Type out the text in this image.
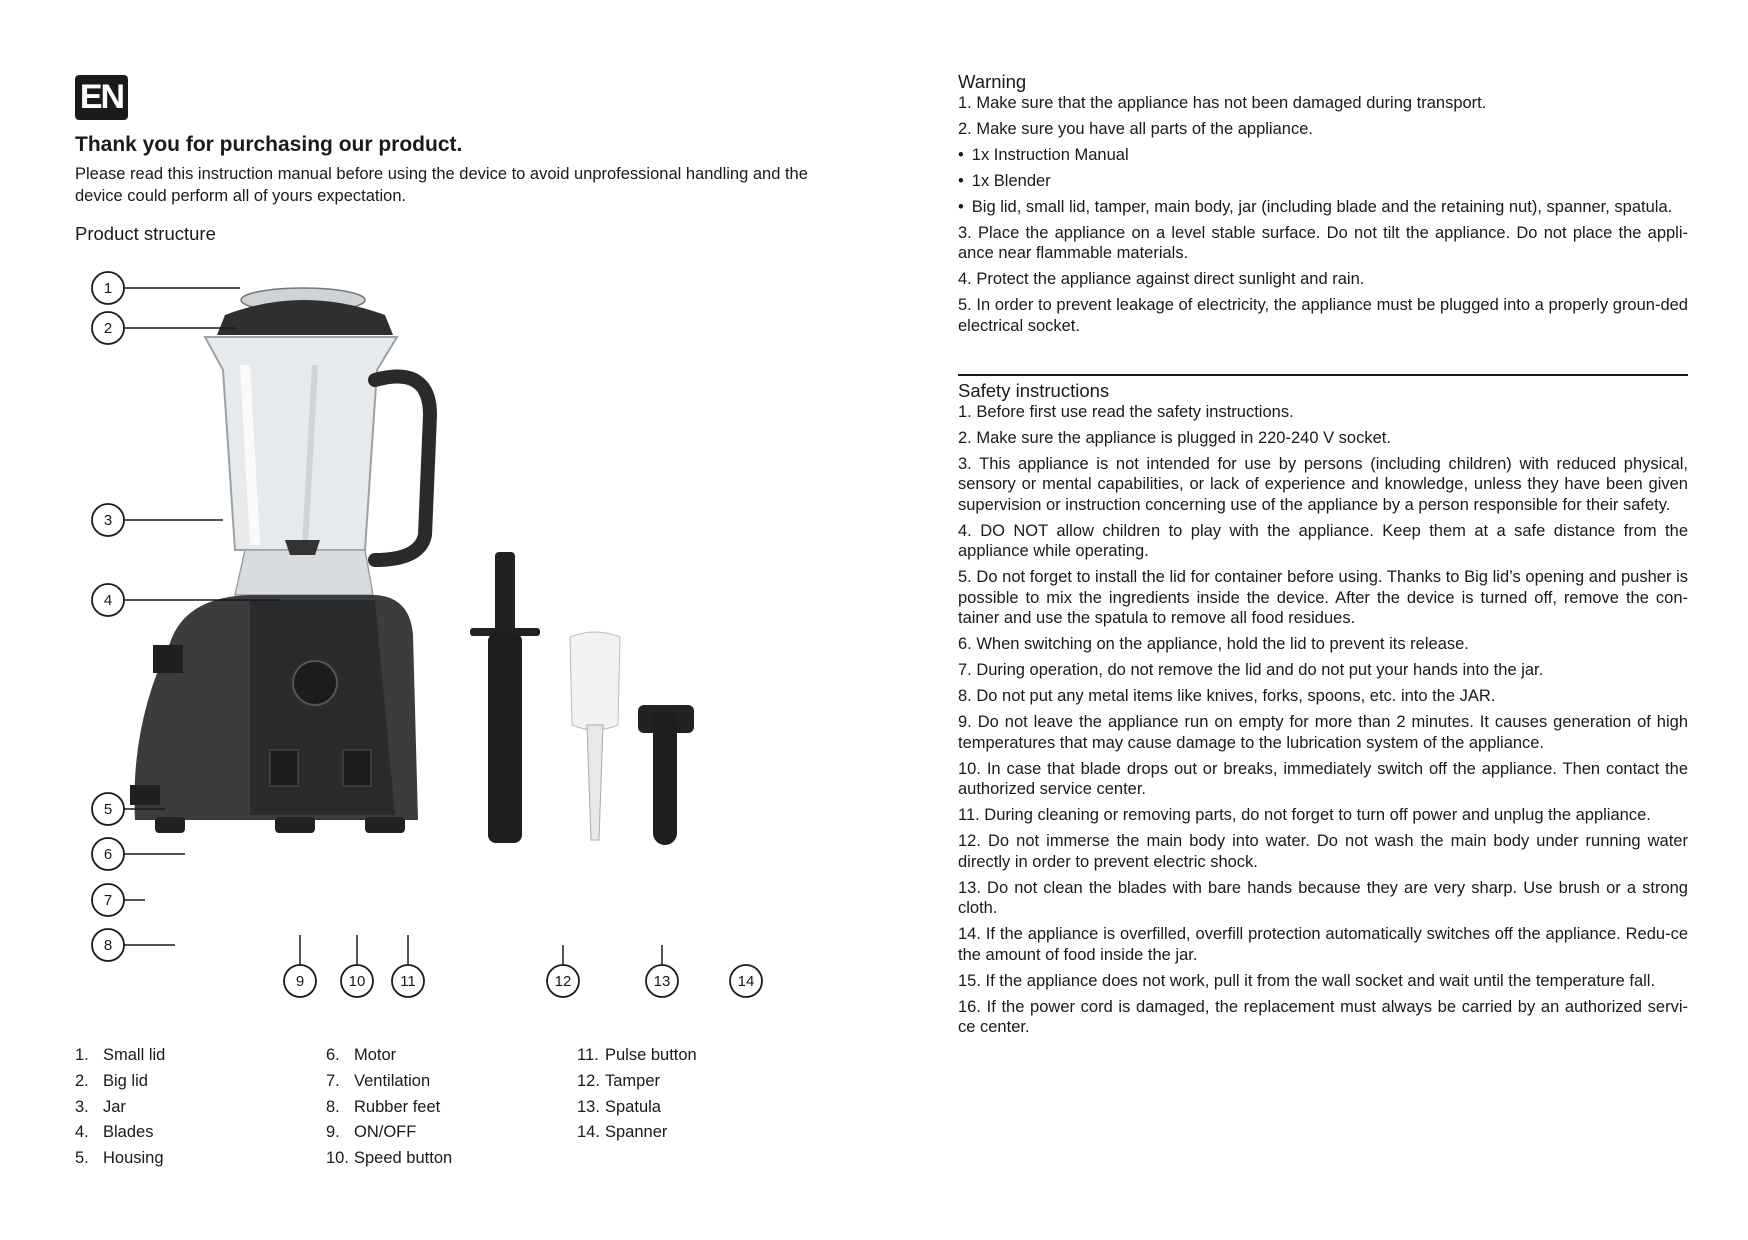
EN
Thank you for purchasing our product.
Please read this instruction manual before using the device to avoid unprofessional handling and the device could perform all of yours expectation.
Product structure
1
2
3
4
5
6
7
8
9	10 11	12	13	14
1. Small lid
2. Big lid
3. Jar
4. Blades
5. Housing
6. Motor
7. Ventilation
8. Rubber feet
9. ON/OFF
10. Speed button
11. Pulse button
12. Tamper
13. Spatula
14. Spanner
Warning
1. Make sure that the appliance has not been damaged during transport.
2. Make sure you have all parts of the appliance.
• 1x Instruction Manual
• 1x Blender
• Big lid, small lid, tamper, main body, jar (including blade and the retaining nut), spanner, spatula.
3. Place the appliance on a level stable surface. Do not tilt the appliance. Do not place the appli-ance near flammable materials.
4. Protect the appliance against direct sunlight and rain.
5. In order to prevent leakage of electricity, the appliance must be plugged into a properly groun-ded electrical socket.
Safety instructions
1. Before first use read the safety instructions.
2. Make sure the appliance is plugged in 220-240 V socket.
3. This appliance is not intended for use by persons (including children) with reduced physical, sensory or mental capabilities, or lack of experience and knowledge, unless they have been given supervision or instruction concerning use of the appliance by a person responsible for their safety.
4. DO NOT allow children to play with the appliance. Keep them at a safe distance from the appliance while operating.
5. Do not forget to install the lid for container before using. Thanks to Big lid’s opening and pusher is possible to mix the ingredients inside the device. After the device is turned off, remove the con-tainer and use the spatula to remove all food residues.
6. When switching on the appliance, hold the lid to prevent its release.
7. During operation, do not remove the lid and do not put your hands into the jar.
8. Do not put any metal items like knives, forks, spoons, etc. into the JAR.
9. Do not leave the appliance run on empty for more than 2 minutes. It causes generation of high temperatures that may cause damage to the lubrication system of the appliance.
10. In case that blade drops out or breaks, immediately switch off the appliance. Then contact the authorized service center.
11. During cleaning or removing parts, do not forget to turn off power and unplug the appliance.
12. Do not immerse the main body into water. Do not wash the main body under running water directly in order to prevent electric shock.
13. Do not clean the blades with bare hands because they are very sharp. Use brush or a strong cloth.
14. If the appliance is overfilled, overfill protection automatically switches off the appliance. Redu-ce the amount of food inside the jar.
15. If the appliance does not work, pull it from the wall socket and wait until the temperature fall.
16. If the power cord is damaged, the replacement must always be carried by an authorized servi-ce center.
